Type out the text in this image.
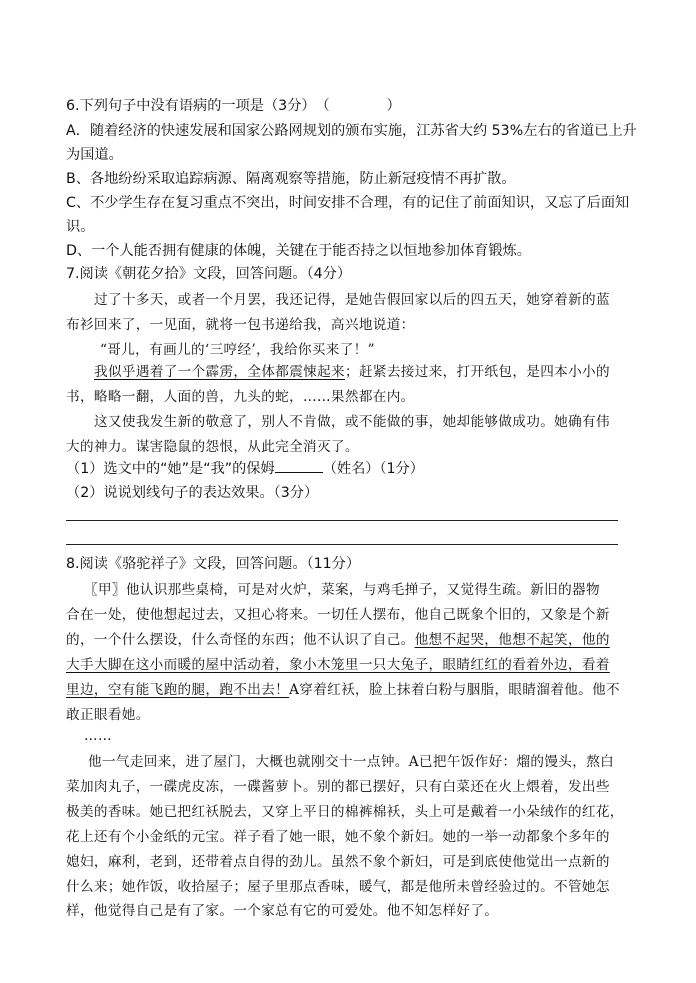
6.下列句子中没有语病的一项是（3分）　（　　　　）
A．随着经济的快速发展和国家公路网规划的颁布实施，江苏省大约 53%左右的省道已上升
为国道。
B、各地纷纷采取追踪病源、隔离观察等措施，防止新冠疫情不再扩散。
C、不少学生存在复习重点不突出，时间安排不合理，有的记住了前面知识，又忘了后面知
识。
D、一个人能否拥有健康的体魄，关键在于能否持之以恒地参加体育锻炼。
7.阅读《朝花夕拾》文段，回答问题。（4分）
过了十多天，或者一个月罢，我还记得，是她告假回家以后的四五天，她穿着新的蓝
布衫回来了，一见面，就将一包书递给我，高兴地说道：
“哥儿，有画儿的‘三哼经’，我给你买来了！”
我似乎遇着了一个霹雳，全体都震悚起来；赶紧去接过来，打开纸包，是四本小小的
书，略略一翻，人面的兽，九头的蛇，……果然都在内。
这又使我发生新的敬意了，别人不肯做，或不能做的事，她却能够做成功。她确有伟
大的神力。谋害隐鼠的怨恨，从此完全消灭了。
（1）选文中的“她”是“我”的保姆	（姓名）（1分）
（2）说说划线句子的表达效果。（3分）
8.阅读《骆驼祥子》文段，回答问题。（11分）
〖甲〗他认识那些桌椅，可是对火炉，菜案，与鸡毛掸子，又觉得生疏。新旧的器物
合在一处，使他想起过去，又担心将来。一切任人摆布，他自己既象个旧的，又象是个新
的，一个什么摆设，什么奇怪的东西；他不认识了自己。他想不起哭，他想不起笑，他的
大手大脚在这小而暖的屋中活动着，象小木笼里一只大兔子，眼睛红红的看着外边，看着
里边，空有能飞跑的腿，跑不出去！A穿着红袄，脸上抹着白粉与胭脂，眼睛溜着他。他不
敢正眼看她。
……
他一气走回来，进了屋门，大概也就刚交十一点钟。A已把午饭作好：熘的馒头，熬白
菜加肉丸子，一碟虎皮冻，一碟酱萝卜。别的都已摆好，只有白菜还在火上煨着，发出些
极美的香味。她已把红袄脱去，又穿上平日的棉裤棉袄，头上可是戴着一小朵绒作的红花，
花上还有个小金纸的元宝。祥子看了她一眼，她不象个新妇。她的一举一动都象个多年的
媳妇，麻利，老到，还带着点自得的劲儿。虽然不象个新妇，可是到底使他觉出一点新的
什么来；她作饭，收拾屋子；屋子里那点香味，暖气，都是他所未曾经验过的。不管她怎
样，他觉得自己是有了家。一个家总有它的可爱处。他不知怎样好了。
